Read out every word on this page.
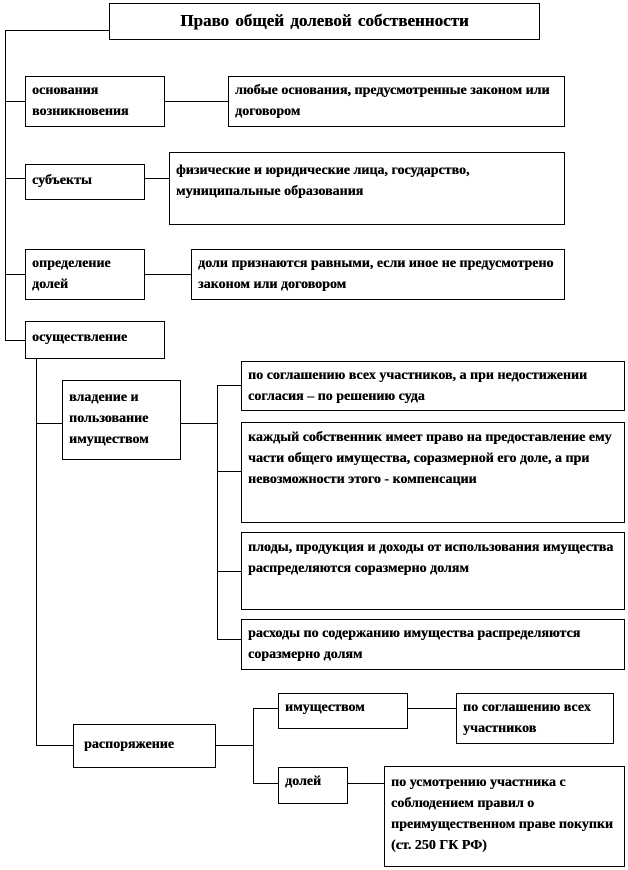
Право общей долевой собственности
основания возникновения
любые основания, предусмотренные законом или договором
субъекты
физические и юридические лица, государство, муниципальные образования
определение долей
доли признаются равными, если иное не предусмотрено законом или договором
осуществление
владение и пользование имуществом
по соглашению всех участников, а при недостижении согласия – по решению суда
каждый собственник имеет право на предоставление ему части общего имущества, соразмерной его доле, а при невозможности этого - компенсации
плоды, продукция и доходы от использования имущества распределяются соразмерно долям
расходы по содержанию имущества распределяются соразмерно долям
распоряжение
имуществом	по соглашению всех участников
долей	по усмотрению участника с соблюдением правил о преимущественном праве покупки (ст. 250 ГК РФ)
